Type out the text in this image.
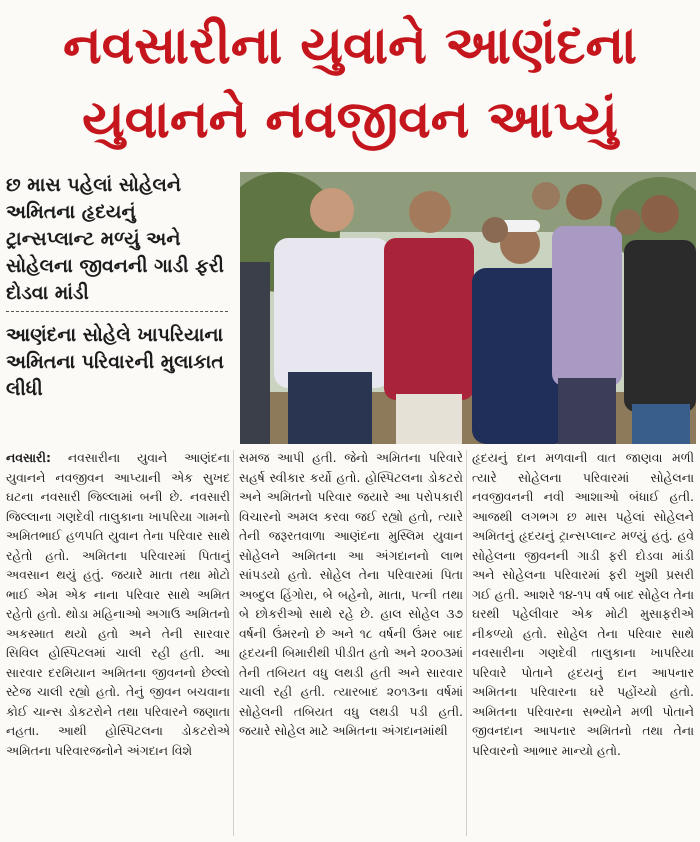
નવસારીના યુવાને આણંદના
યુવાનને નવજીવન આપ્યું
છ માસ પહેલાં સોહેલને અમિતના હૃદયનું ટ્રાન્સપ્લાન્ટ મળ્યું અને સોહેલના જીવનની ગાડી ફરી દોડવા માંડી
આણંદના સોહેલે ખાપરિયાના અમિતના પરિવારની મુલાકાત લીધી
નવસારી: નવસારીના યુવાને આણંદના યુવાનને નવજીવન આપ્યાની એક સુખદ ઘટના નવસારી જિલ્લામાં બની છે. નવસારી જિલ્લાના ગણદેવી તાલુકાના ખાપરિયા ગામનો અમિતભાઈ હળપતિ યુવાન તેના પરિવાર સાથે રહેતો હતો. અમિતના પરિવારમાં પિતાનું અવસાન થયું હતું. જયારે માતા તથા મોટો ભાઈ એમ એક નાના પરિવાર સાથે અમિત રહેતો હતો. થોડા મહિનાઓ અગાઉ અમિતનો અકસ્માત થયો હતો અને તેની સારવાર સિવિલ હોસ્પિટલમાં ચાલી રહી હતી. આ સારવાર દરમિયાન અમિતના જીવનનો છેલ્લો સ્ટેજ ચાલી રહ્યો હતો. તેનું જીવન બચવાના કોઈ ચાન્સ ડોકટરોને તથા પરિવારને જણાતા નહતા. આથી હોસ્પિટલના ડોકટરોએ અમિતના પરિવારજનોને અંગદાન વિશે
સમજ આપી હતી. જેનો અમિતના પરિવારે સહર્ષ સ્વીકાર કર્યો હતો. હોસ્પિટલના ડોકટરો અને અમિતનો પરિવાર જયારે આ પરોપકારી વિચારનો અમલ કરવા જઈ રહ્યો હતો, ત્યારે તેની જરૂરતવાળા આણંદના મુસ્લિમ યુવાન સોહેલને અમિતના આ અંગદાનનો લાભ સાંપડયો હતો. સોહેલ તેના પરિવારમાં પિતા અબ્દુલ હિંગોરા, બે બહેનો, માતા, પત્ની તથા બે છોકરીઓ સાથે રહે છે. હાલ સોહેલ ૩૭ વર્ષની ઉંમરનો છે અને ૧૮ વર્ષની ઉંમર બાદ હૃદયની બિમારીથી પીડીત હતો અને ૨૦૦૩માં તેની તબિયત વધુ લથડી હતી અને સારવાર ચાલી રહી હતી. ત્યારબાદ ૨૦૧૩ના વર્ષમાં સોહેલની તબિયત વધુ લથડી પડી હતી. જયારે સોહેલ માટે અમિતના અંગદાનમાંથી
હૃદયનું દાન મળવાની વાત જાણવા મળી ત્યારે સોહેલના પરિવારમાં સોહેલના નવજીવનની નવી આશાઓ બંધાઈ હતી. આજથી લગભગ છ માસ પહેલાં સોહેલને અમિતનું હૃદયનું ટ્રાન્સપ્લાન્ટ મળ્યું હતું. હવે સોહેલના જીવનની ગાડી ફરી દોડવા માંડી અને સોહેલના પરિવારમાં ફરી ખુશી પ્રસરી ગઈ હતી. આશરે ૧૪-૧૫ વર્ષ બાદ સોહેલ તેના ઘરથી પહેલીવાર એક મોટી મુસાફરીએ નીકળ્યો હતો. સોહેલ તેના પરિવાર સાથે નવસારીના ગણદેવી તાલુકાના ખાપરિયા પરિવારે પોતાને હૃદયનું દાન આપનાર અમિતના પરિવારના ઘરે પહોંચ્યો હતો. અમિતના પરિવારના સભ્યોને મળી પોતાને જીવનદાન આપનાર અમિતનો તથા તેના પરિવારનો આભાર માન્યો હતો.
